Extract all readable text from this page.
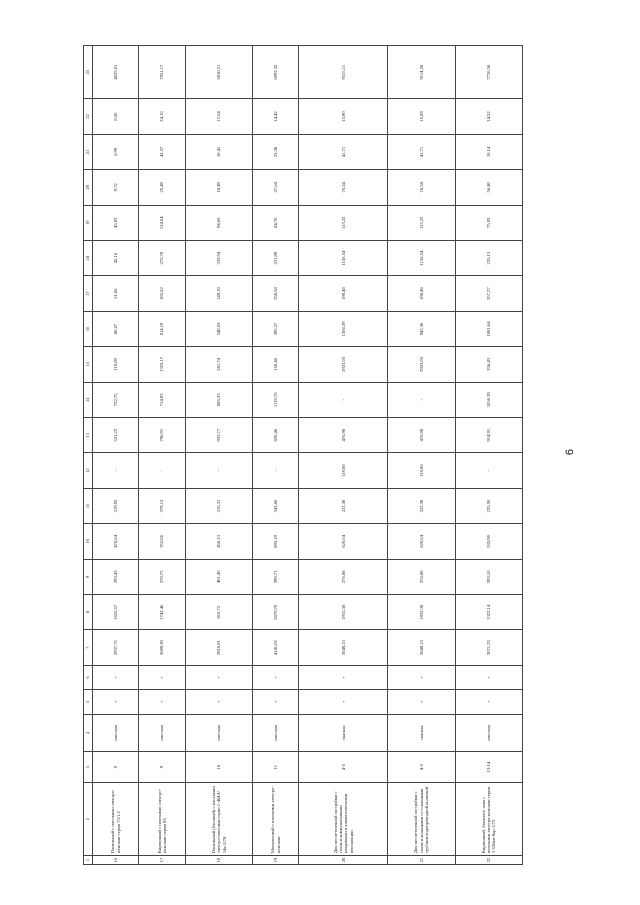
6
1	2	3	4	5	6	7	8	9	10	11	12	13	14	15	16	17	18	19	20	21	22	23
16	Панельный с плоскими электро-плитами серии 75/1.2	9	плоская	+	+	2937,75	1022,57	293,43	476,64	219,92	-	531,22	722,75	110,09	80,67	51,66	42,16	43,83	9,72	5,99	8,50	4025,01
17	Кирпичный с плоскими электро-плитами серии 85	9	плоская	+	+	3689,30	1742,46	370,75	352,06	379,12	-	796,91	714,93	1323,17	814,19	185,62	275,78	124,64	25,48	43,57	24,16	7851,17
18	Панельный (блочный) с плоскими электро-плитами серии 1-464А/ 14к-2/78	16	плоская	+	+	2818,81	816,72	401,45	456,13	215,31	-	933,77	885,33	281,74	548,03	149,10	233,94	94,66	18,49	10,41	12,54	5810,21
19	Монолитный с плоскими электро-плитами	11	плоская	+	+	4141,02	2079,70	390,71	895,19	343,86	-	826,46	1119,76	150,46	395,57	358,58	231,89	84,70	27,64	23,38	14,42	6992,32
20	Для после-военной застройки с газом и коммунальными кладовыми и климатическими вентиляции	4-5	скатная	+	+	3648,13	1932,38	276,88	620,64	222,38	119,86	476,98	-	2923,03	1566,39	198,46	1156,54	115,22	76,54	41,71	15,90	9315,11
21	Для после-военной застройки с газом и колонками со стальными трубами водопроводной колонкой	4-5	скатная	+	+	3648,13	1932,38	276,88	620,64	222,38	119,86	476,98	-	2923,03	943,36	198,46	1156,54	115,22	76,54	41,71	15,89	9114,26
22	Кирпичный, блочного типа с плоскими электро-плитами серии 1-528кп-8кр-1/73	13-14	плоская	+	+	2071,33	1322,14	593,10	535,90	225,50	-	914,91	1056,39	336,43	1081,64	357,27	235,13	75,93	56,40	10,14	14,52	7726,56
